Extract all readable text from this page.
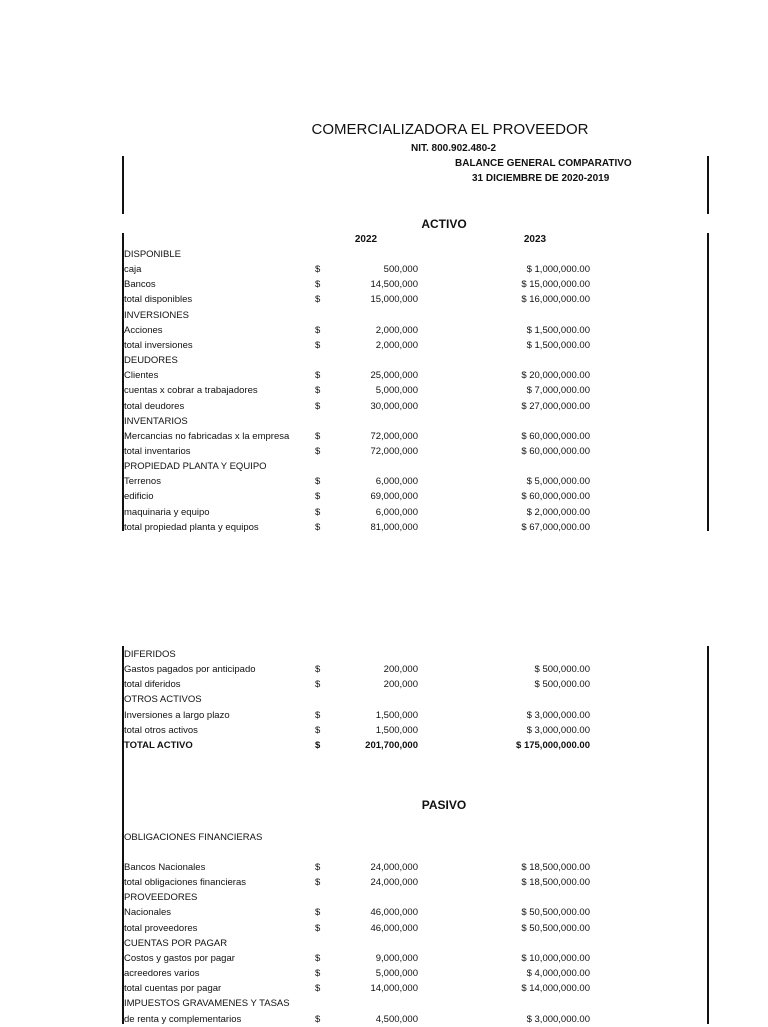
COMERCIALIZADORA EL PROVEEDOR
NIT. 800.902.480-2
BALANCE GENERAL COMPARATIVO
31 DICIEMBRE DE 2020-2019
ACTIVO
2022	2023
DISPONIBLE
caja	$	500,000	$ 1,000,000.00
Bancos	$	14,500,000	$ 15,000,000.00
total disponibles	$	15,000,000	$ 16,000,000.00
INVERSIONES
Acciones	$	2,000,000	$ 1,500,000.00
total inversiones	$	2,000,000	$ 1,500,000.00
DEUDORES
Clientes	$	25,000,000	$ 20,000,000.00
cuentas x cobrar a trabajadores	$	5,000,000	$ 7,000,000.00
total deudores	$	30,000,000	$ 27,000,000.00
INVENTARIOS
Mercancias no fabricadas x la empresa	$	72,000,000	$ 60,000,000.00
total inventarios	$	72,000,000	$ 60,000,000.00
PROPIEDAD PLANTA Y EQUIPO
Terrenos	$	6,000,000	$ 5,000,000.00
edificio	$	69,000,000	$ 60,000,000.00
maquinaria y equipo	$	6,000,000	$ 2,000,000.00
total propiedad planta y equipos	$	81,000,000	$ 67,000,000.00
DIFERIDOS
Gastos pagados por anticipado	$	200,000	$ 500,000.00
total diferidos	$	200,000	$ 500,000.00
OTROS ACTIVOS
Inversiones a largo plazo	$	1,500,000	$ 3,000,000.00
total otros activos	$	1,500,000	$ 3,000,000.00
TOTAL ACTIVO	$	201,700,000	$ 175,000,000.00
PASIVO
OBLIGACIONES FINANCIERAS
Bancos Nacionales	$	24,000,000	$ 18,500,000.00
total obligaciones financieras	$	24,000,000	$ 18,500,000.00
PROVEEDORES
Nacionales	$	46,000,000	$ 50,500,000.00
total proveedores	$	46,000,000	$ 50,500,000.00
CUENTAS POR PAGAR
Costos y gastos por pagar	$	9,000,000	$ 10,000,000.00
acreedores varios	$	5,000,000	$ 4,000,000.00
total cuentas por pagar	$	14,000,000	$ 14,000,000.00
IMPUESTOS GRAVAMENES Y TASAS
de renta y complementarios	$	4,500,000	$ 3,000,000.00
